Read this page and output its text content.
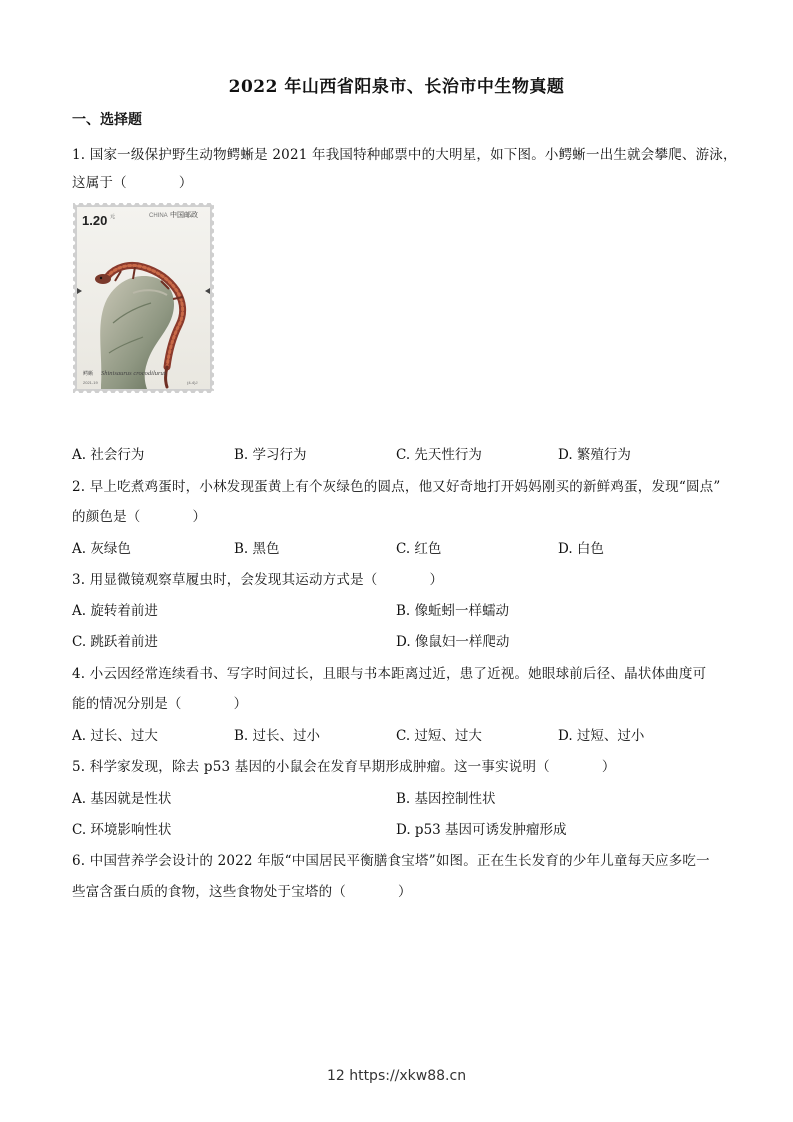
2022 年山西省阳泉市、长治市中生物真题
一、选择题
1. 国家一级保护野生动物鳄蜥是 2021 年我国特种邮票中的大明星，如下图。小鳄蜥一出生就会攀爬、游泳，
这属于（	）
1.20 元	CHINA 中国邮政
鳄蜥 Shinisaurus crocodilurus
2021-19	(4-4)J
A. 社会行为	B. 学习行为	C. 先天性行为	D. 繁殖行为
2. 早上吃煮鸡蛋时，小林发现蛋黄上有个灰绿色的圆点，他又好奇地打开妈妈刚买的新鲜鸡蛋，发现“圆点”
的颜色是（	）
A. 灰绿色	B. 黑色	C. 红色	D. 白色
3. 用显微镜观察草履虫时，会发现其运动方式是（	）
A. 旋转着前进	B. 像蚯蚓一样蠕动
C. 跳跃着前进	D. 像鼠妇一样爬动
4. 小云因经常连续看书、写字时间过长，且眼与书本距离过近，患了近视。她眼球前后径、晶状体曲度可
能的情况分别是（	）
A. 过长、过大	B. 过长、过小	C. 过短、过大	D. 过短、过小
5. 科学家发现，除去 p53 基因的小鼠会在发育早期形成肿瘤。这一事实说明（	）
A. 基因就是性状	B. 基因控制性状
C. 环境影响性状	D. p53 基因可诱发肿瘤形成
6. 中国营养学会设计的 2022 年版“中国居民平衡膳食宝塔”如图。正在生长发育的少年儿童每天应多吃一
些富含蛋白质的食物，这些食物处于宝塔的（	）
12 https://xkw88.cn
